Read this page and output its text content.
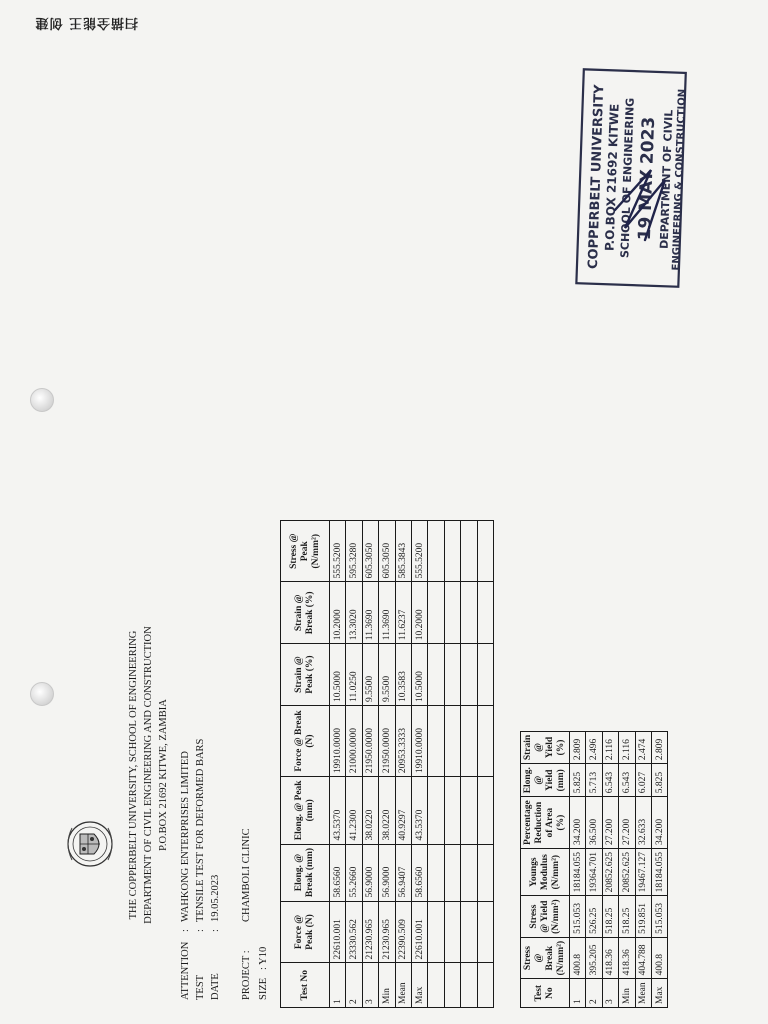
扫描全能王 创建
THE COPPERBELT UNIVERSITY, SCHOOL OF ENGINEERING DEPARTMENT OF CIVIL ENGINEERING AND CONSTRUCTION P.O.BOX 21692 KITWE, ZAMBIA
ATTENTION
:
WAHKONG ENTERPRISES LIMITED
TEST
:
TENSILE TEST FOR DEFORMED BARS
DATE
:
19.05.2023
PROJECT :
CHAMBOLI CLINIC
SIZE
: Y10
Test No	Force @ Peak (N)	Elong. @ Break (mm)	Elong. @ Peak (mm)	Force @ Break (N)	Strain @ Peak (%)	Strain @ Break (%)	Stress @ Peak (N/mm²)
1	22610.001	58.6560	43.5370	19910.0000	10.5000	10.2000	555.5200
2	23330.562	55.2660	41.2300	21000.0000	11.0250	13.3020	595.3280
3	21230.965	56.9000	38.0220	21950.0000	9.5500	11.3690	605.3050
Min	21230.965	56.9000	38.0220	21950.0000	9.5500	11.3690	605.3050
Mean	22390.509	56.9407	40.9297	20953.3333	10.3583	11.6237	585.3843
Max	22610.001	58.6560	43.5370	19910.0000	10.5000	10.2000	555.5200

Test No	Stress @ Break (N/mm²)	Stress @ Yield (N/mm²)	Youngs Modulus (N/mm²)	Percentage Reduction of Area (%)	Elong. @ Yield (mm)	Strain @ Yield (%)
1	400.8	515.053	18184.055	34.200	5.825	2.809
2	395.205	526.25	19364.701	36.500	5.713	2.496
3	418.36	518.25	20852.625	27.200	6.543	2.116
Min	418.36	518.25	20852.625	27.200	6.543	2.116
Mean	404.788	519.851	19467.127	32.633	6.027	2.474
Max	400.8	515.053	18184.055	34.200	5.825	2.809
COPPERBELT UNIVERSITY
P.O.BOX 21692 KITWE
SCHOOL OF ENGINEERING
19 MAY 2023
DEPARTMENT OF CIVIL
ENGINEERING & CONSTRUCTION
